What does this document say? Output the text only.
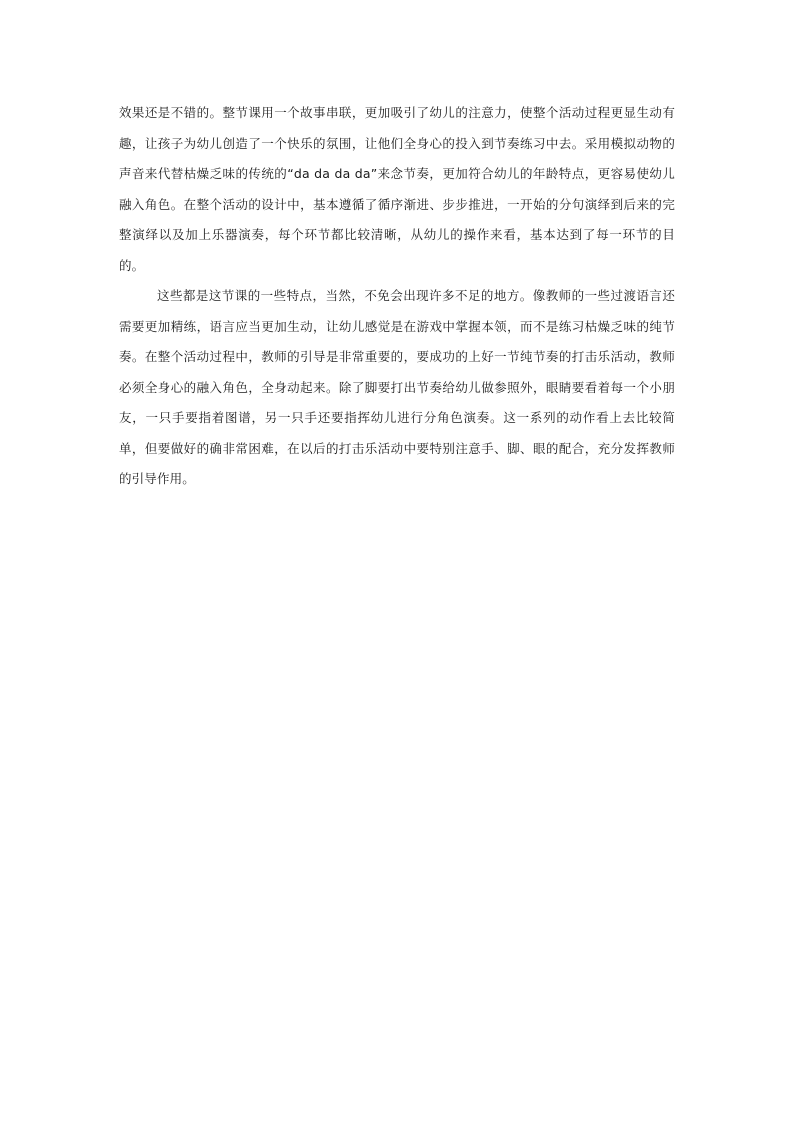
效果还是不错的。整节课用一个故事串联，更加吸引了幼儿的注意力，使整个活动过程更显生动有趣，让孩子为幼儿创造了一个快乐的氛围，让他们全身心的投入到节奏练习中去。采用模拟动物的声音来代替枯燥乏味的传统的“da da da da”来念节奏，更加符合幼儿的年龄特点，更容易使幼儿融入角色。在整个活动的设计中，基本遵循了循序渐进、步步推进，一开始的分句演绎到后来的完整演绎以及加上乐器演奏，每个环节都比较清晰，从幼儿的操作来看，基本达到了每一环节的目的。

这些都是这节课的一些特点，当然，不免会出现许多不足的地方。像教师的一些过渡语言还需要更加精练，语言应当更加生动，让幼儿感觉是在游戏中掌握本领，而不是练习枯燥乏味的纯节奏。在整个活动过程中，教师的引导是非常重要的，要成功的上好一节纯节奏的打击乐活动，教师必须全身心的融入角色，全身动起来。除了脚要打出节奏给幼儿做参照外，眼睛要看着每一个小朋友，一只手要指着图谱，另一只手还要指挥幼儿进行分角色演奏。这一系列的动作看上去比较简单，但要做好的确非常困难，在以后的打击乐活动中要特别注意手、脚、眼的配合，充分发挥教师的引导作用。
